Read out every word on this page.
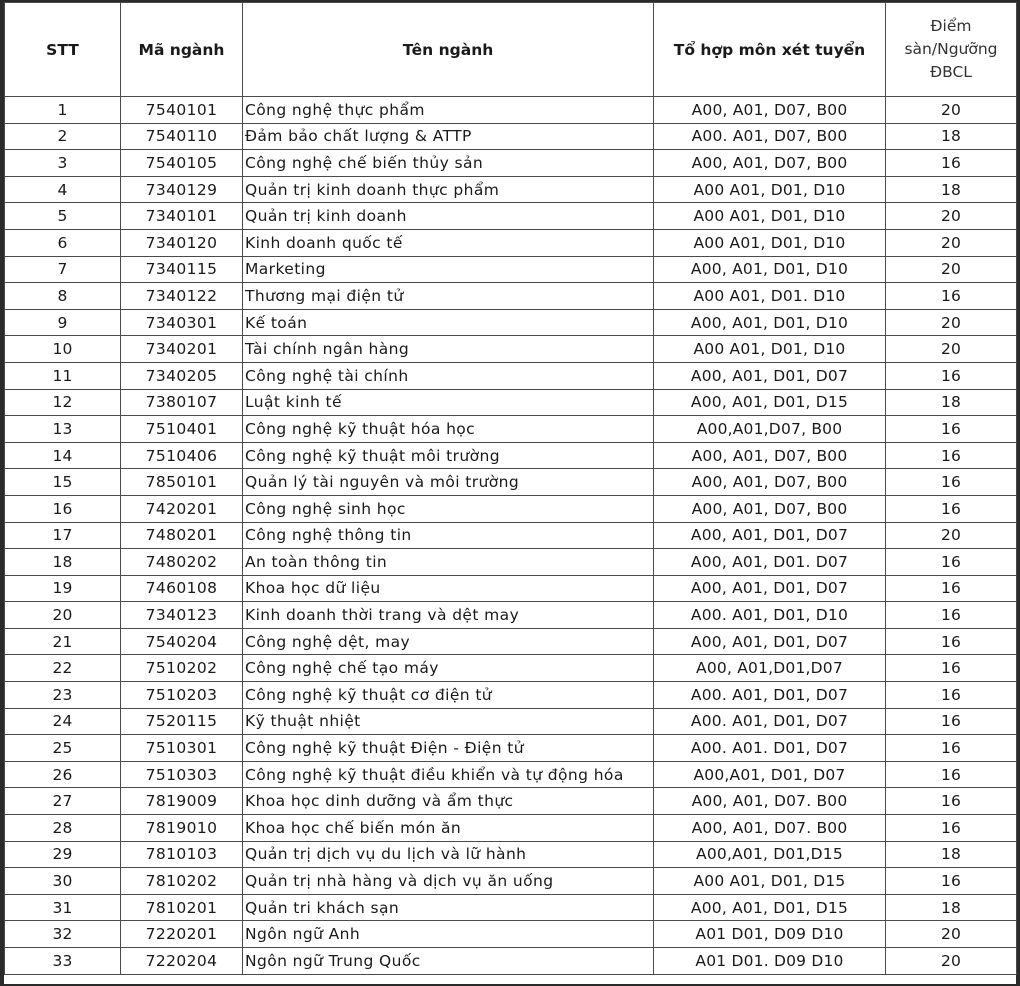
STT	Mã ngành	Tên ngành	Tổ hợp môn xét tuyển	Điểm sàn/Ngưỡng ĐBCL
1	7540101	Công nghệ thực phẩm	A00, A01, D07, B00	20
2	7540110	Đảm bảo chất lượng & ATTP	A00. A01, D07, B00	18
3	7540105	Công nghệ chế biến thủy sản	A00, A01, D07, B00	16
4	7340129	Quản trị kinh doanh thực phẩm	A00 A01, D01, D10	18
5	7340101	Quản trị kinh doanh	A00 A01, D01, D10	20
6	7340120	Kinh doanh quốc tế	A00 A01, D01, D10	20
7	7340115	Marketing	A00, A01, D01, D10	20
8	7340122	Thương mại điện tử	A00 A01, D01. D10	16
9	7340301	Kế toán	A00, A01, D01, D10	20
10	7340201	Tài chính ngân hàng	A00 A01, D01, D10	20
11	7340205	Công nghệ tài chính	A00, A01, D01, D07	16
12	7380107	Luật kinh tế	A00, A01, D01, D15	18
13	7510401	Công nghệ kỹ thuật hóa học	A00,A01,D07, B00	16
14	7510406	Công nghệ kỹ thuật môi trường	A00, A01, D07, B00	16
15	7850101	Quản lý tài nguyên và môi trường	A00, A01, D07, B00	16
16	7420201	Công nghệ sinh học	A00, A01, D07, B00	16
17	7480201	Công nghệ thông tin	A00, A01, D01, D07	20
18	7480202	An toàn thông tin	A00, A01, D01. D07	16
19	7460108	Khoa học dữ liệu	A00, A01, D01, D07	16
20	7340123	Kinh doanh thời trang và dệt may	A00. A01, D01, D10	16
21	7540204	Công nghệ dệt, may	A00, A01, D01, D07	16
22	7510202	Công nghệ chế tạo máy	A00, A01,D01,D07	16
23	7510203	Công nghệ kỹ thuật cơ điện tử	A00. A01, D01, D07	16
24	7520115	Kỹ thuật nhiệt	A00. A01, D01, D07	16
25	7510301	Công nghệ kỹ thuật Điện - Điện tử	A00. A01. D01, D07	16
26	7510303	Công nghệ kỹ thuật điều khiển và tự động hóa	A00,A01, D01, D07	16
27	7819009	Khoa học dinh dưỡng và ẩm thực	A00, A01, D07. B00	16
28	7819010	Khoa học chế biến món ăn	A00, A01, D07. B00	16
29	7810103	Quản trị dịch vụ du lịch và lữ hành	A00,A01, D01,D15	18
30	7810202	Quản trị nhà hàng và dịch vụ ăn uống	A00 A01, D01, D15	16
31	7810201	Quản tri khách sạn	A00, A01, D01, D15	18
32	7220201	Ngôn ngữ Anh	A01 D01, D09 D10	20
33	7220204	Ngôn ngữ Trung Quốc	A01 D01. D09 D10	20
